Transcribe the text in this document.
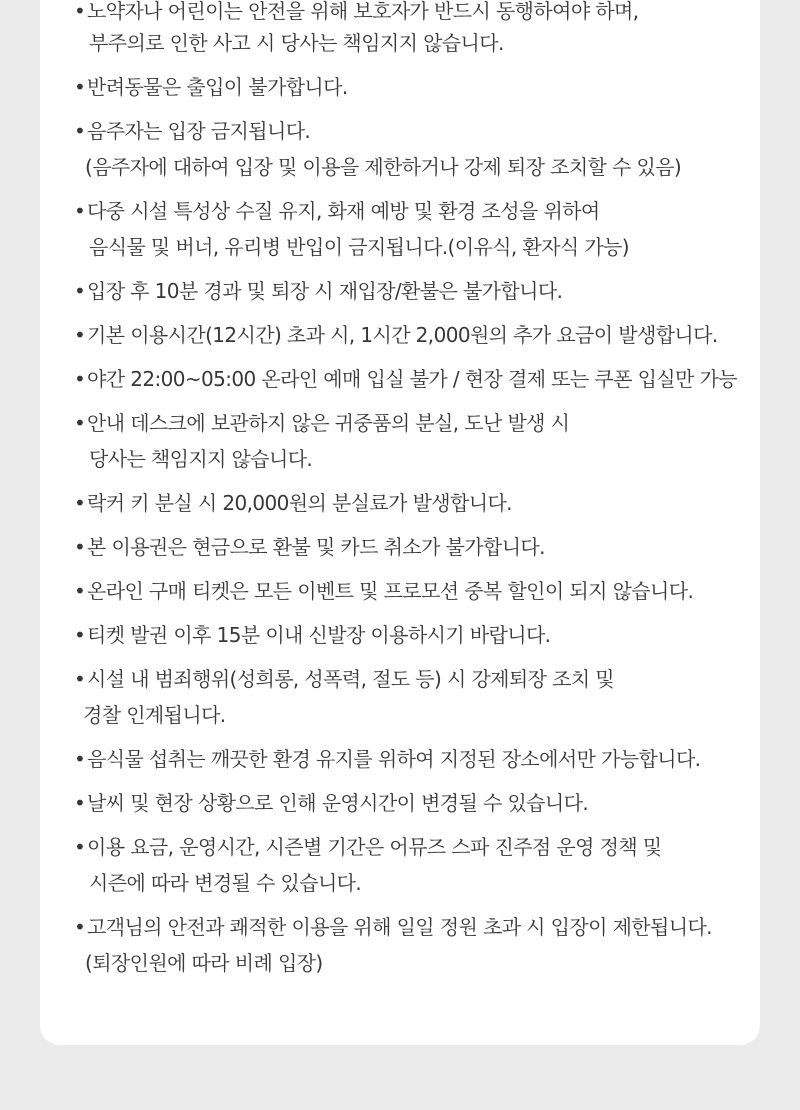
• 노약자나 어린이는 안전을 위해 보호자가 반드시 동행하여야 하며,
부주의로 인한 사고 시 당사는 책임지지 않습니다.
• 반려동물은 출입이 불가합니다.
• 음주자는 입장 금지됩니다.
(음주자에 대하여 입장 및 이용을 제한하거나 강제 퇴장 조치할 수 있음)
• 다중 시설 특성상 수질 유지, 화재 예방 및 환경 조성을 위하여
음식물 및 버너, 유리병 반입이 금지됩니다.(이유식, 환자식 가능)
• 입장 후 10분 경과 및 퇴장 시 재입장/환불은 불가합니다.
• 기본 이용시간(12시간) 초과 시, 1시간 2,000원의 추가 요금이 발생합니다.
• 야간 22:00~05:00 온라인 예매 입실 불가 / 현장 결제 또는 쿠폰 입실만 가능
• 안내 데스크에 보관하지 않은 귀중품의 분실, 도난 발생 시
당사는 책임지지 않습니다.
• 락커 키 분실 시 20,000원의 분실료가 발생합니다.
• 본 이용권은 현금으로 환불 및 카드 취소가 불가합니다.
• 온라인 구매 티켓은 모든 이벤트 및 프로모션 중복 할인이 되지 않습니다.
• 티켓 발권 이후 15분 이내 신발장 이용하시기 바랍니다.
• 시설 내 범죄행위(성희롱, 성폭력, 절도 등) 시 강제퇴장 조치 및
경찰 인계됩니다.
• 음식물 섭취는 깨끗한 환경 유지를 위하여 지정된 장소에서만 가능합니다.
• 날씨 및 현장 상황으로 인해 운영시간이 변경될 수 있습니다.
• 이용 요금, 운영시간, 시즌별 기간은 어뮤즈 스파 진주점 운영 정책 및
시즌에 따라 변경될 수 있습니다.
• 고객님의 안전과 쾌적한 이용을 위해 일일 정원 초과 시 입장이 제한됩니다.
(퇴장인원에 따라 비례 입장)
